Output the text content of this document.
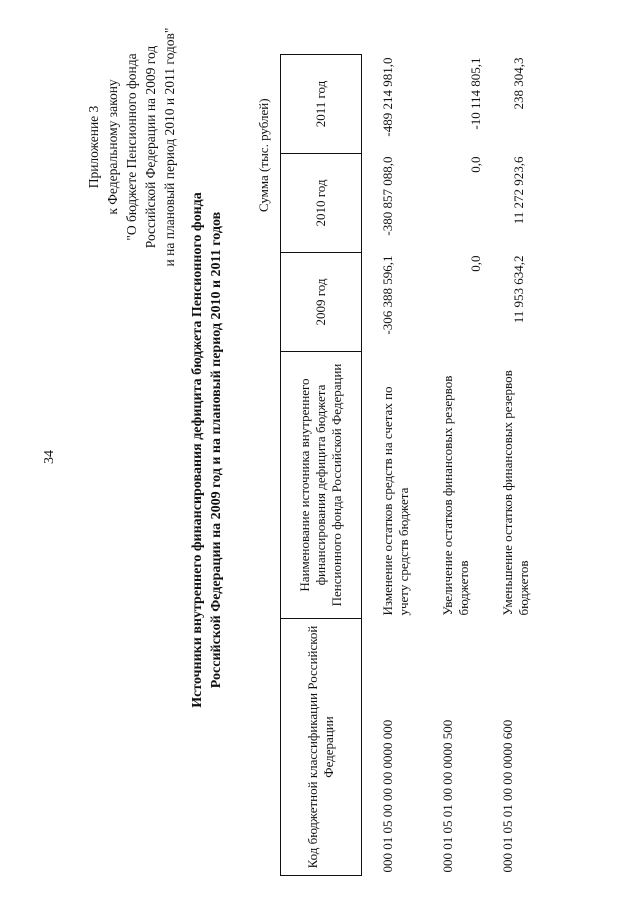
34
Приложение 3 к Федеральному закону "О бюджете Пенсионного фонда Российской Федерации на 2009 год и на плановый период 2010 и 2011 годов"
Источники внутреннего финансирования дефицита бюджета Пенсионного фонда Российской Федерации на 2009 год и на плановый период 2010 и 2011 годов
Сумма (тыс. рублей)
Код бюджетной классификации Российской Федерации	Наименование источника внутреннего финансирования дефицита бюджета Пенсионного фонда Российской Федерации	2009 год	2010 год	2011 год
000 01 05 00 00 00 0000 000	Изменение остатков средств на счетах по учету средств бюджета	-306 388 596,1	-380 857 088,0	-489 214 981,0
000 01 05 01 00 00 0000 500	Увеличение остатков финансовых резервов бюджетов	0,0	0,0	-10 114 805,1
000 01 05 01 00 00 0000 600	Уменьшение остатков финансовых резервов бюджетов	11 953 634,2	11 272 923,6	238 304,3
